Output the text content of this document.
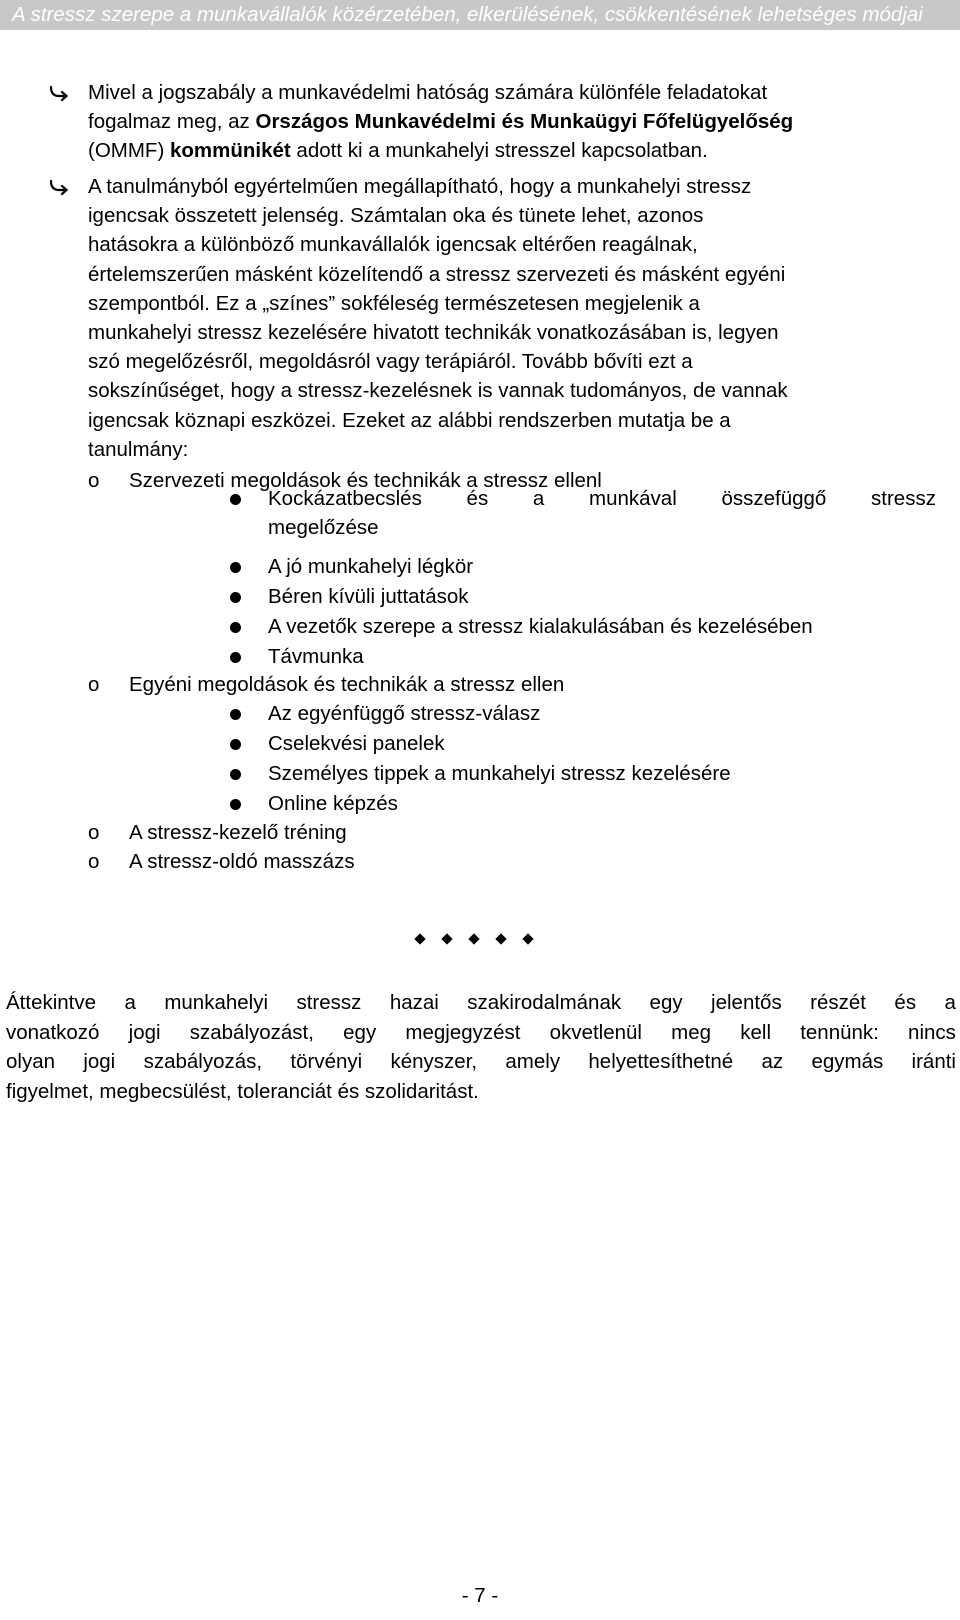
A stressz szerepe a munkavállalók közérzetében, elkerülésének, csökkentésének lehetséges módjai
Mivel a jogszabály a munkavédelmi hatóság számára különféle feladatokat
fogalmaz meg, az Országos Munkavédelmi és Munkaügyi Főfelügyelőség
(OMMF) kommünikét adott ki a munkahelyi stresszel kapcsolatban.
A tanulmányból egyértelműen megállapítható, hogy a munkahelyi stressz
igencsak összetett jelenség. Számtalan oka és tünete lehet, azonos
hatásokra a különböző munkavállalók igencsak eltérően reagálnak,
értelemszerűen másként közelítendő a stressz szervezeti és másként egyéni
szempontból. Ez a „színes” sokféleség természetesen megjelenik a
munkahelyi stressz kezelésére hivatott technikák vonatkozásában is, legyen
szó megelőzésről, megoldásról vagy terápiáról. Tovább bővíti ezt a
sokszínűséget, hogy a stressz-kezelésnek is vannak tudományos, de vannak
igencsak köznapi eszközei. Ezeket az alábbi rendszerben mutatja be a
tanulmány:
o Szervezeti megoldások és technikák a stressz ellenl
Kockázatbecslés és a munkával összefüggő stressz
megelőzése
A jó munkahelyi légkör
Béren kívüli juttatások
A vezetők szerepe a stressz kialakulásában és kezelésében
Távmunka
o Egyéni megoldások és technikák a stressz ellen
Az egyénfüggő stressz-válasz
Cselekvési panelek
Személyes tippek a munkahelyi stressz kezelésére
Online képzés
o A stressz-kezelő tréning
o A stressz-oldó masszázs
Áttekintve a munkahelyi stressz hazai szakirodalmának egy jelentős részét és a
vonatkozó jogi szabályozást, egy megjegyzést okvetlenül meg kell tennünk: nincs
olyan jogi szabályozás, törvényi kényszer, amely helyettesíthetné az egymás iránti
figyelmet, megbecsülést, toleranciát és szolidaritást.
- 7 -
